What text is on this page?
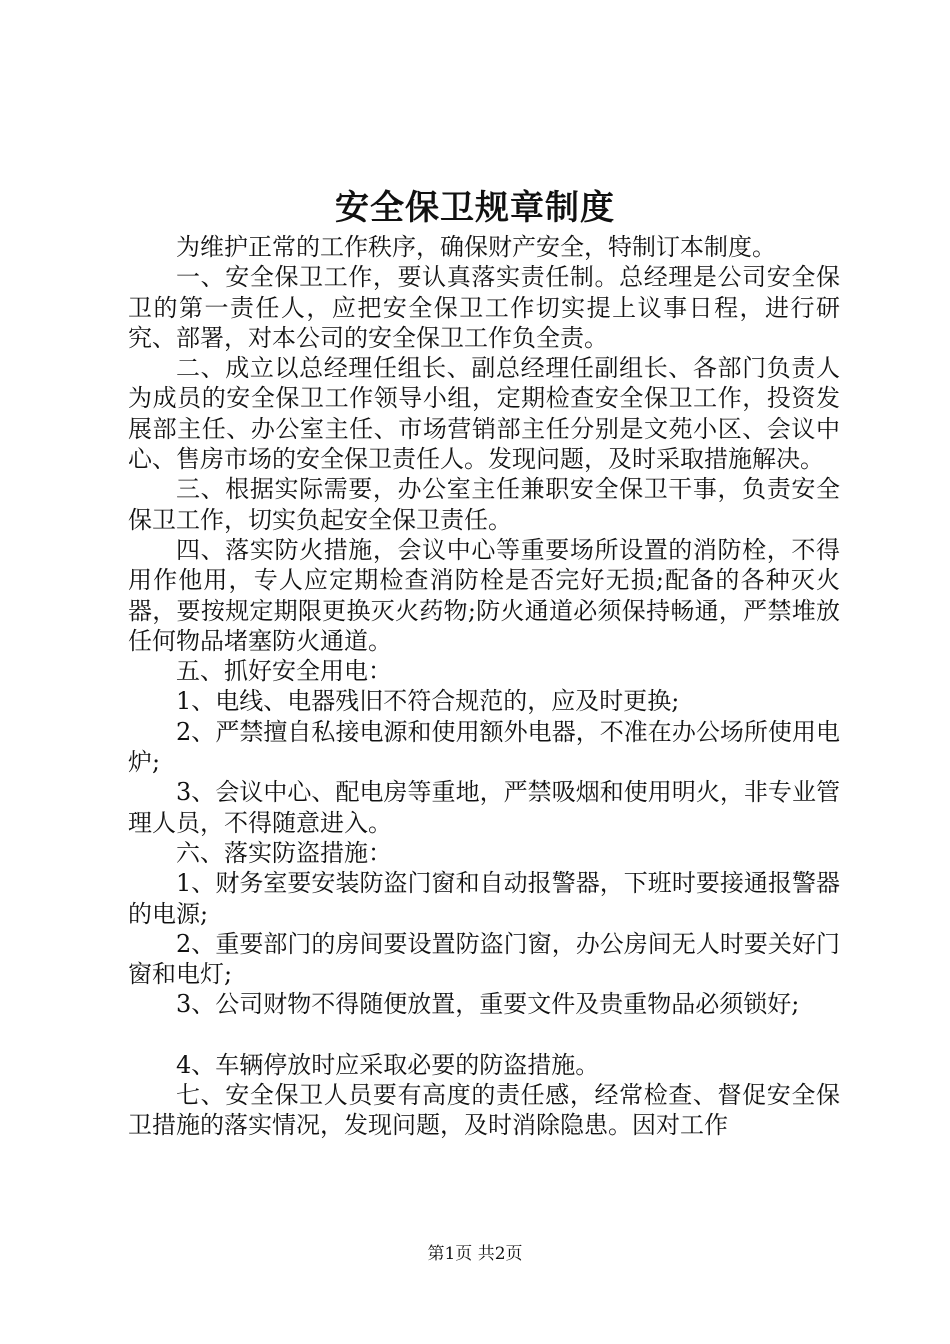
安全保卫规章制度

为维护正常的工作秩序，确保财产安全，特制订本制度。

一、安全保卫工作，要认真落实责任制。总经理是公司安全保卫的第一责任人，应把安全保卫工作切实提上议事日程，进行研究、部署，对本公司的安全保卫工作负全责。

二、成立以总经理任组长、副总经理任副组长、各部门负责人为成员的安全保卫工作领导小组，定期检查安全保卫工作，投资发展部主任、办公室主任、市场营销部主任分别是文苑小区、会议中心、售房市场的安全保卫责任人。发现问题，及时采取措施解决。

三、根据实际需要，办公室主任兼职安全保卫干事，负责安全保卫工作，切实负起安全保卫责任。

四、落实防火措施，会议中心等重要场所设置的消防栓，不得用作他用，专人应定期检查消防栓是否完好无损;配备的各种灭火器，要按规定期限更换灭火药物;防火通道必须保持畅通，严禁堆放任何物品堵塞防火通道。

五、抓好安全用电：

1、电线、电器残旧不符合规范的，应及时更换;

2、严禁擅自私接电源和使用额外电器，不准在办公场所使用电炉;

3、会议中心、配电房等重地，严禁吸烟和使用明火，非专业管理人员，不得随意进入。

六、落实防盗措施：

1、财务室要安装防盗门窗和自动报警器，下班时要接通报警器的电源;

2、重要部门的房间要设置防盗门窗，办公房间无人时要关好门窗和电灯;

3、公司财物不得随便放置，重要文件及贵重物品必须锁好;

4、车辆停放时应采取必要的防盗措施。

七、安全保卫人员要有高度的责任感，经常检查、督促安全保卫措施的落实情况，发现问题，及时消除隐患。因对工作

第1页 共2页
